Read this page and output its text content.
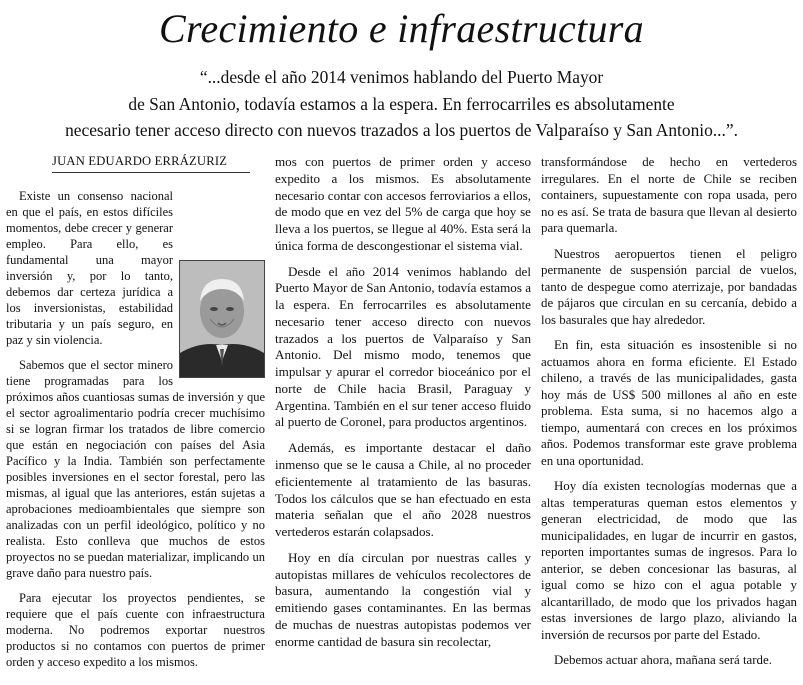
Crecimiento e infraestructura
“...desde el año 2014 venimos hablando del Puerto Mayor
de San Antonio, todavía estamos a la espera. En ferrocarriles es absolutamente
necesario tener acceso directo con nuevos trazados a los puertos de Valparaíso y San Antonio...”.
JUAN EDUARDO ERRÁZURIZ

Existe un consenso nacional en que el país, en estos difíciles momentos, debe crecer y generar empleo. Para ello, es fundamental una mayor inversión y, por lo tanto, debemos dar certeza jurídica a los inversionistas, estabilidad tributaria y un país seguro, en paz y sin violencia.

Sabemos que el sector minero tiene programadas para los próximos años cuantiosas sumas de inversión y que el sector agroalimentario podría crecer muchísimo si se logran firmar los tratados de libre comercio que están en negociación con países del Asia Pacífico y la India. También son perfectamente posibles inversiones en el sector forestal, pero las mismas, al igual que las anteriores, están sujetas a aprobaciones medioambientales que siempre son analizadas con un perfil ideológico, político y no realista. Esto conlleva que muchos de estos proyectos no se puedan materializar, implicando un grave daño para nuestro país.

Para ejecutar los proyectos pendientes, se requiere que el país cuente con infraestructura moderna. No podremos exportar nuestros productos si no contamos con puertos de primer orden y acceso expedito a los mismos.

mos con puertos de primer orden y acceso expedito a los mismos. Es absolutamente necesario contar con accesos ferroviarios a ellos, de modo que en vez del 5% de carga que hoy se lleva a los puertos, se llegue al 40%. Esta será la única forma de descongestionar el sistema vial.

Desde el año 2014 venimos hablando del Puerto Mayor de San Antonio, todavía estamos a la espera. En ferrocarriles es absolutamente necesario tener acceso directo con nuevos trazados a los puertos de Valparaíso y San Antonio. Del mismo modo, tenemos que impulsar y apurar el corredor bioceánico por el norte de Chile hacia Brasil, Paraguay y Argentina. También en el sur tener acceso fluido al puerto de Coronel, para productos argentinos.

Además, es importante destacar el daño inmenso que se le causa a Chile, al no proceder eficientemente al tratamiento de las basuras. Todos los cálculos que se han efectuado en esta materia señalan que el año 2028 nuestros vertederos estarán colapsados.

Hoy en día circulan por nuestras calles y autopistas millares de vehículos recolectores de basura, aumentando la congestión vial y emitiendo gases contaminantes. En las bermas de muchas de nuestras autopistas podemos ver enorme cantidad de basura sin recolectar,

transformándose de hecho en vertederos irregulares. En el norte de Chile se reciben containers, supuestamente con ropa usada, pero no es así. Se trata de basura que llevan al desierto para quemarla.

Nuestros aeropuertos tienen el peligro permanente de suspensión parcial de vuelos, tanto de despegue como aterrizaje, por bandadas de pájaros que circulan en su cercanía, debido a los basurales que hay alrededor.

En fin, esta situación es insostenible si no actuamos ahora en forma eficiente. El Estado chileno, a través de las municipalidades, gasta hoy más de US$ 500 millones al año en este problema. Esta suma, si no hacemos algo a tiempo, aumentará con creces en los próximos años. Podemos transformar este grave problema en una oportunidad.

Hoy día existen tecnologías modernas que a altas temperaturas queman estos elementos y generan electricidad, de modo que las municipalidades, en lugar de incurrir en gastos, reporten importantes sumas de ingresos. Para lo anterior, se deben concesionar las basuras, al igual como se hizo con el agua potable y alcantarillado, de modo que los privados hagan estas inversiones de largo plazo, aliviando la inversión de recursos por parte del Estado.

Debemos actuar ahora, mañana será tarde.
